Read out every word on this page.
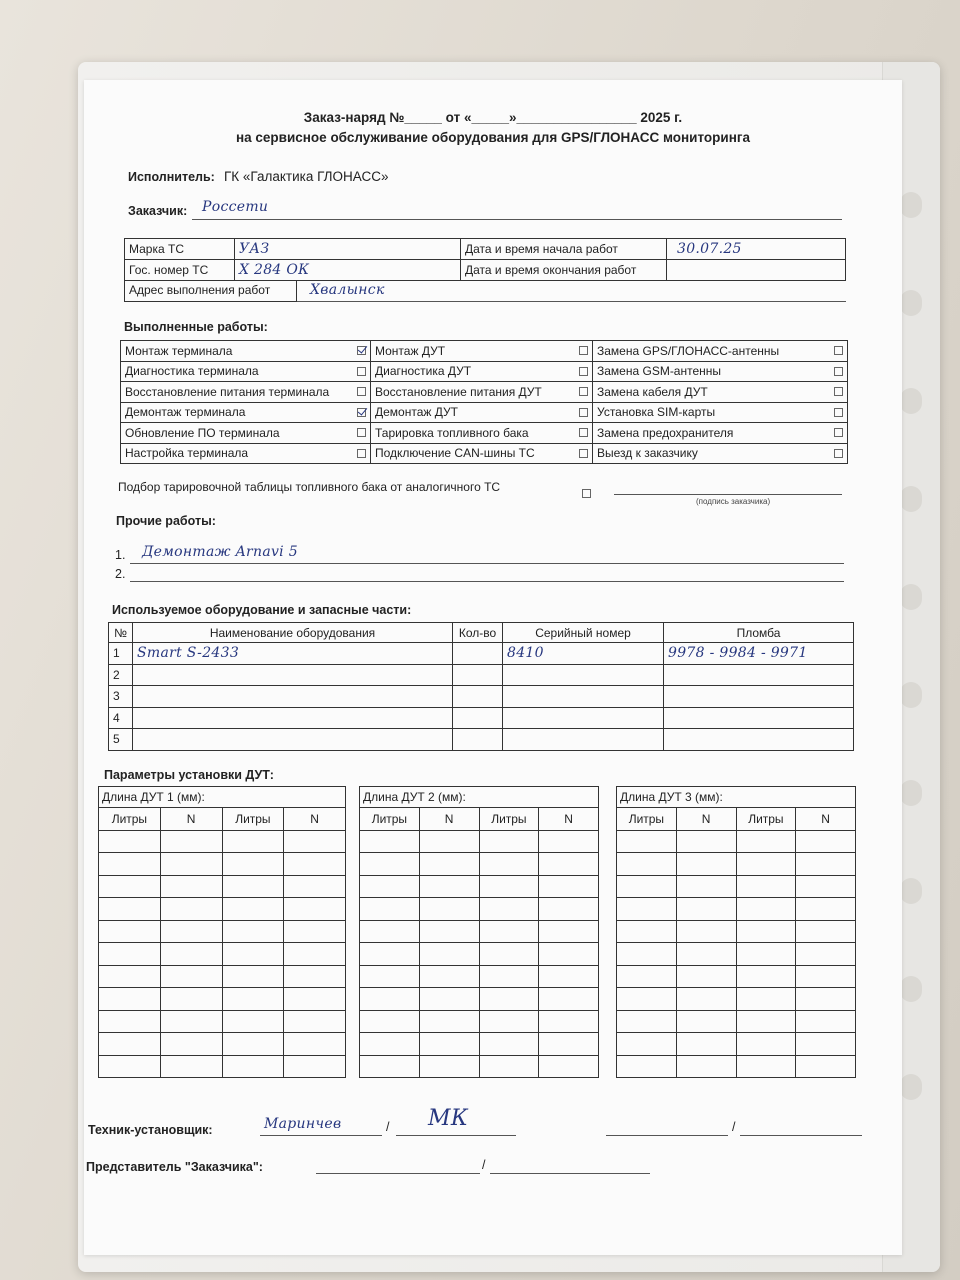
Заказ-наряд №_____ от «_____»________________ 2025 г.
на сервисное обслуживание оборудования для GPS/ГЛОНАСС мониторинга
Исполнитель: ГК «Галактика ГЛОНАСС»
Заказчик: Россети
Марка ТС	УАЗ	Дата и время начала работ	30.07.25
Гос. номер ТС	Х 284 ОК	Дата и время окончания работ	
Адрес выполнения работ	Хвалынск
Выполненные работы:
Монтаж терминала	Монтаж ДУТ	Замена GPS/ГЛОНАСС-антенны

Диагностика терминала	Диагностика ДУТ	Замена GSM-антенны

Восстановление питания терминала	Восстановление питания ДУТ	Замена кабеля ДУТ

Демонтаж терминала	Демонтаж ДУТ	Установка SIM-карты

Обновление ПО терминала	Тарировка топливного бака	Замена предохранителя

Настройка терминала	Подключение CAN-шины ТС	Выезд к заказчику
Подбор тарировочной таблицы топливного бака от аналогичного ТС
(подпись заказчика)
Прочие работы:
1. Демонтаж Arnavi 5
2.
Используемое оборудование и запасные части:
№	Наименование оборудования	Кол-во	Серийный номер	Пломба
1	Smart S-2433		8410	9978 - 9984 - 9971
2				
3				
4				
5				
Параметры установки ДУТ:
Длина ДУТ 1 (мм):			
Литры	N	Литры	N

Длина ДУТ 2 (мм):			
Литры	N	Литры	N

Длина ДУТ 3 (мм):			
Литры	N	Литры	N

Техник-установщик:	Маринчев	/ МК	/
Представитель "Заказчика":	/
